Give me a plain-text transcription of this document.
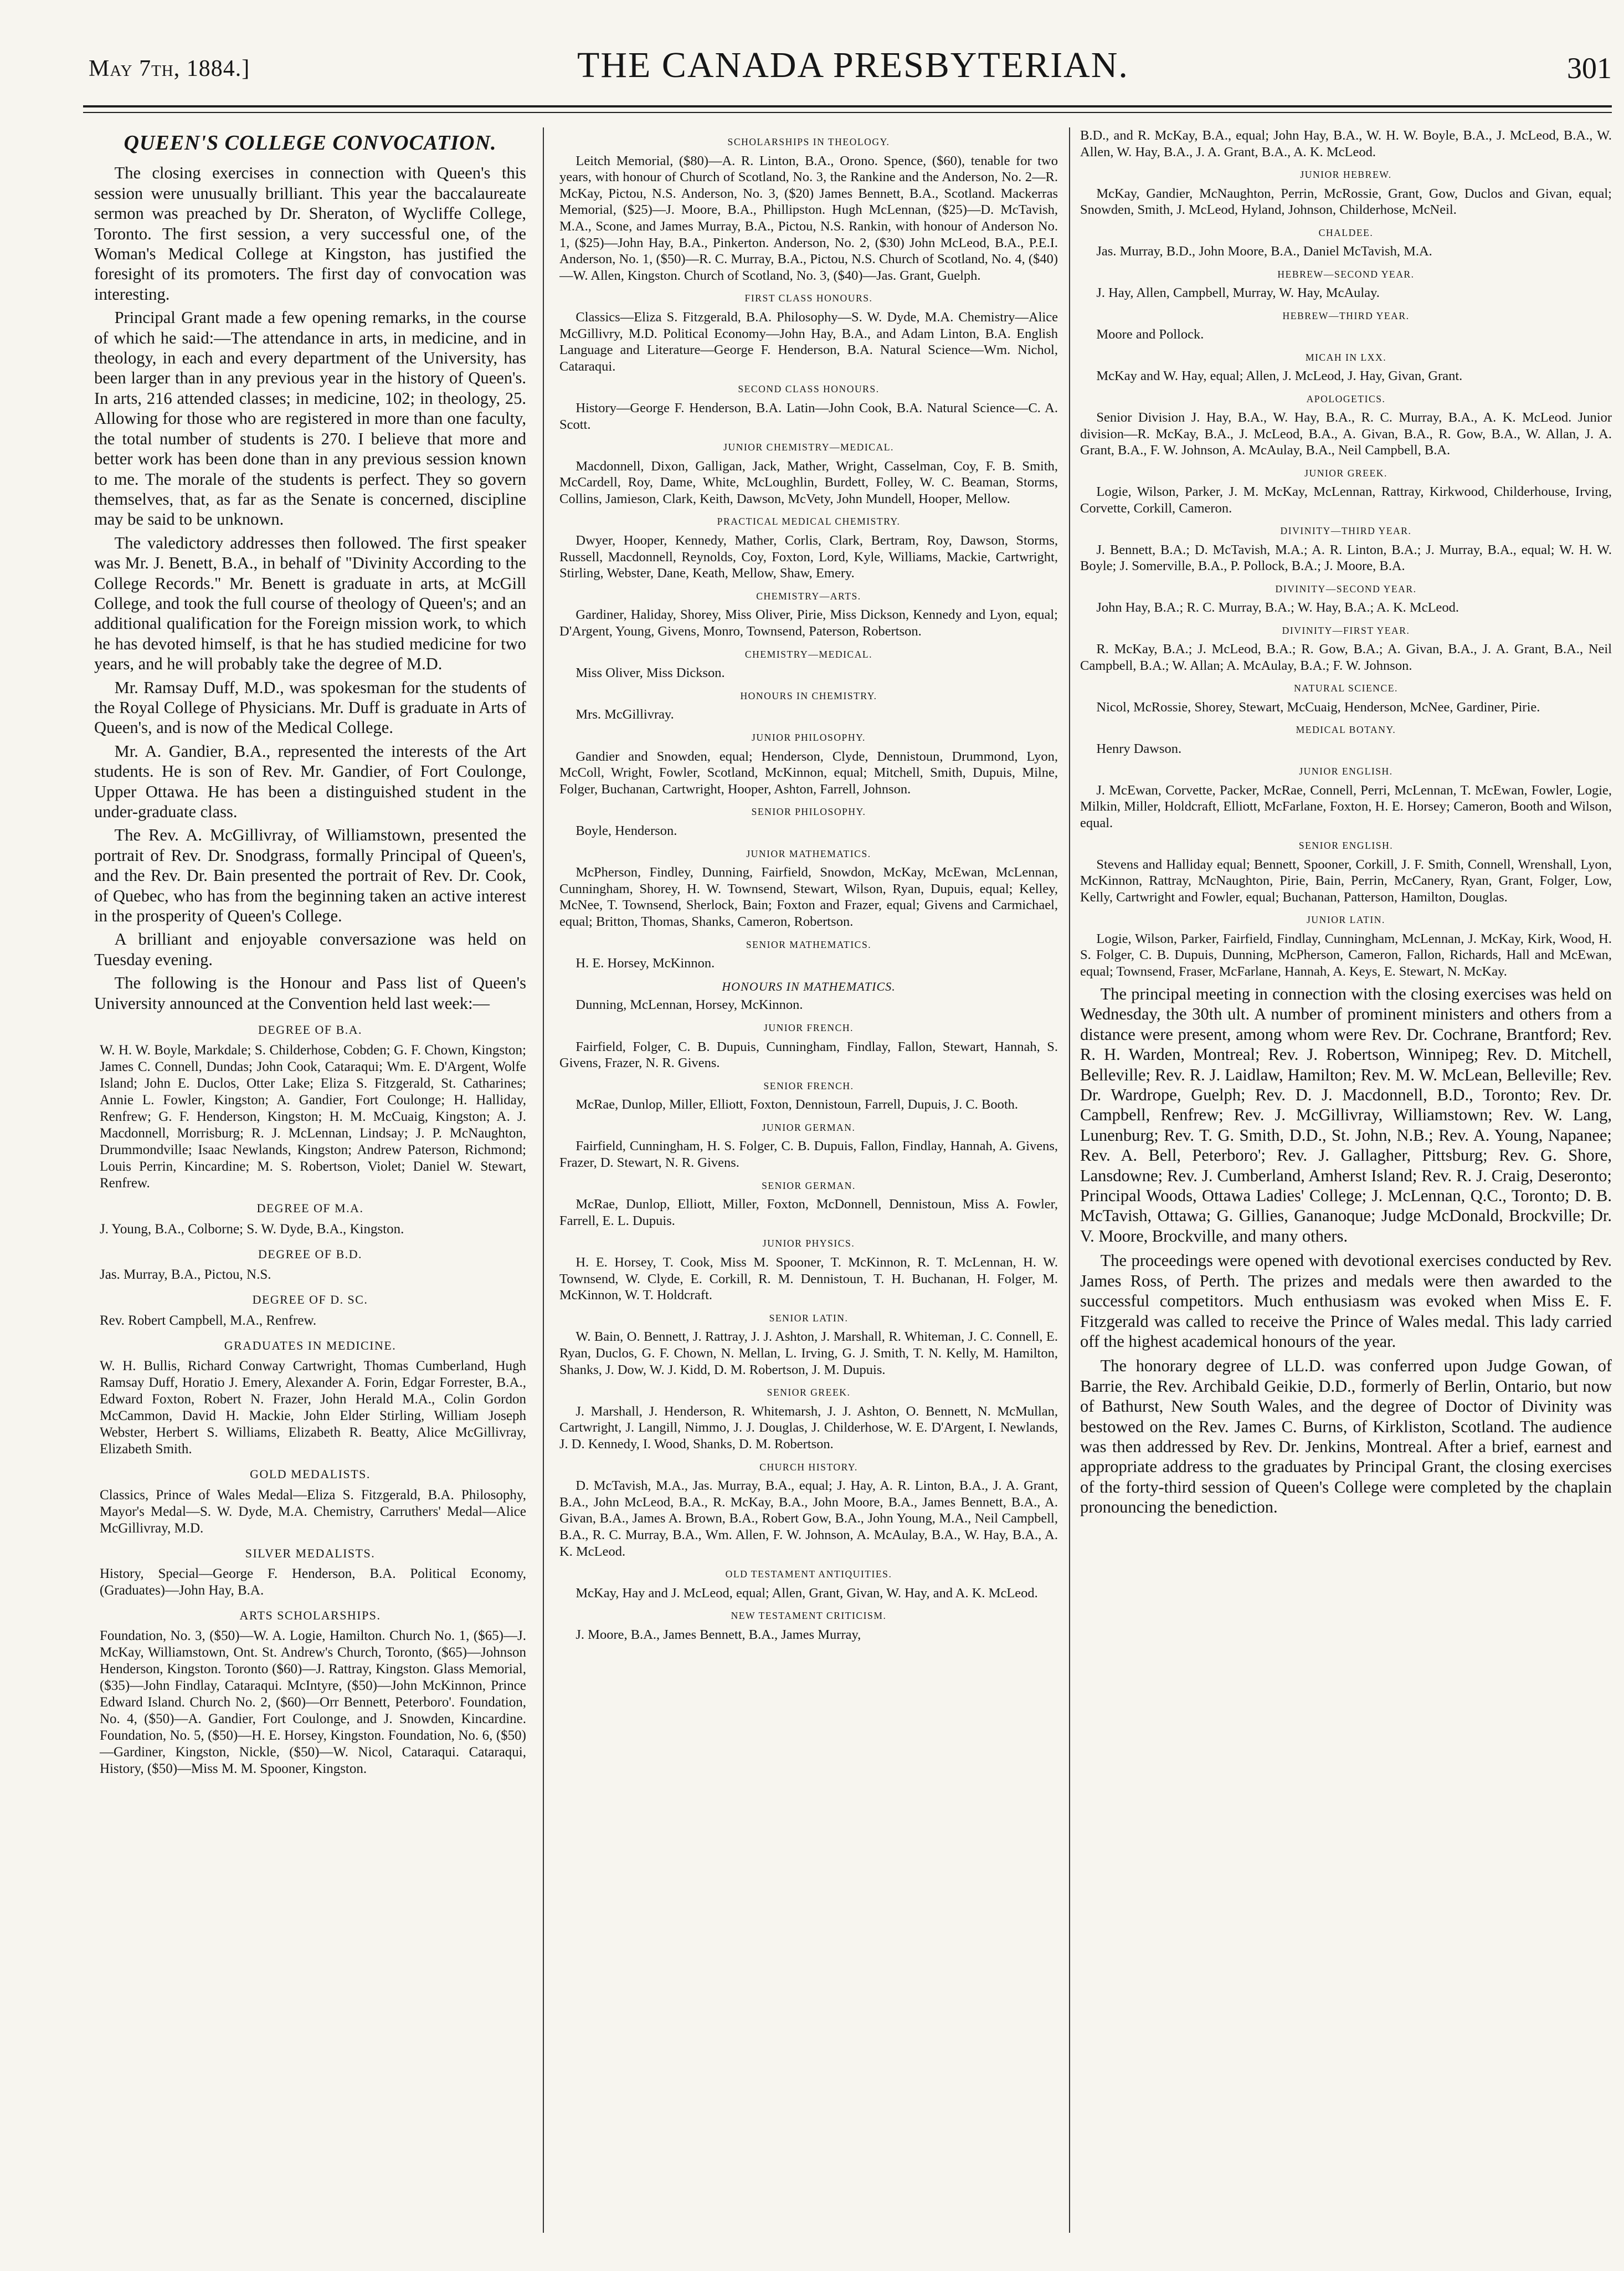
May 7th, 1884.]	THE CANADA PRESBYTERIAN.	301
QUEEN'S COLLEGE CONVOCATION.

The closing exercises in connection with Queen's this session were unusually brilliant. This year the baccalaureate sermon was preached by Dr. Sheraton, of Wycliffe College, Toronto. The first session, a very successful one, of the Woman's Medical College at Kingston, has justified the foresight of its promoters. The first day of convocation was interesting.

Principal Grant made a few opening remarks, in the course of which he said:—The attendance in arts, in medicine, and in theology, in each and every department of the University, has been larger than in any previous year in the history of Queen's. In arts, 216 attended classes; in medicine, 102; in theology, 25. Allowing for those who are registered in more than one faculty, the total number of students is 270. I believe that more and better work has been done than in any previous session known to me. The morale of the students is perfect. They so govern themselves, that, as far as the Senate is concerned, discipline may be said to be unknown.

The valedictory addresses then followed. The first speaker was Mr. J. Benett, B.A., in behalf of "Divinity According to the College Records." Mr. Benett is graduate in arts, at McGill College, and took the full course of theology of Queen's; and an additional qualification for the Foreign mission work, to which he has devoted himself, is that he has studied medicine for two years, and he will probably take the degree of M.D.

Mr. Ramsay Duff, M.D., was spokesman for the students of the Royal College of Physicians. Mr. Duff is graduate in Arts of Queen's, and is now of the Medical College.

Mr. A. Gandier, B.A., represented the interests of the Art students. He is son of Rev. Mr. Gandier, of Fort Coulonge, Upper Ottawa. He has been a distinguished student in the under-graduate class.

The Rev. A. McGillivray, of Williamstown, presented the portrait of Rev. Dr. Snodgrass, formally Principal of Queen's, and the Rev. Dr. Bain presented the portrait of Rev. Dr. Cook, of Quebec, who has from the beginning taken an active interest in the prosperity of Queen's College.

A brilliant and enjoyable conversazione was held on Tuesday evening.

The following is the Honour and Pass list of Queen's University announced at the Convention held last week:—

DEGREE OF B.A.

W. H. W. Boyle, Markdale; S. Childerhose, Cobden; G. F. Chown, Kingston; James C. Connell, Dundas; John Cook, Cataraqui; Wm. E. D'Argent, Wolfe Island; John E. Duclos, Otter Lake; Eliza S. Fitzgerald, St. Catharines; Annie L. Fowler, Kingston; A. Gandier, Fort Coulonge; H. Halliday, Renfrew; G. F. Henderson, Kingston; H. M. McCuaig, Kingston; A. J. Macdonnell, Morrisburg; R. J. McLennan, Lindsay; J. P. McNaughton, Drummondville; Isaac Newlands, Kingston; Andrew Paterson, Richmond; Louis Perrin, Kincardine; M. S. Robertson, Violet; Daniel W. Stewart, Renfrew.

DEGREE OF M.A.

J. Young, B.A., Colborne; S. W. Dyde, B.A., Kingston.

DEGREE OF B.D.

Jas. Murray, B.A., Pictou, N.S.

DEGREE OF D. SC.

Rev. Robert Campbell, M.A., Renfrew.

GRADUATES IN MEDICINE.

W. H. Bullis, Richard Conway Cartwright, Thomas Cumberland, Hugh Ramsay Duff, Horatio J. Emery, Alexander A. Forin, Edgar Forrester, B.A., Edward Foxton, Robert N. Frazer, John Herald M.A., Colin Gordon McCammon, David H. Mackie, John Elder Stirling, William Joseph Webster, Herbert S. Williams, Elizabeth R. Beatty, Alice McGillivray, Elizabeth Smith.

GOLD MEDALISTS.

Classics, Prince of Wales Medal—Eliza S. Fitzgerald, B.A. Philosophy, Mayor's Medal—S. W. Dyde, M.A. Chemistry, Carruthers' Medal—Alice McGillivray, M.D.

SILVER MEDALISTS.

History, Special—George F. Henderson, B.A. Political Economy, (Graduates)—John Hay, B.A.

ARTS SCHOLARSHIPS.

Foundation, No. 3, ($50)—W. A. Logie, Hamilton. Church No. 1, ($65)—J. McKay, Williamstown, Ont. St. Andrew's Church, Toronto, ($65)—Johnson Henderson, Kingston. Toronto ($60)—J. Rattray, Kingston. Glass Memorial, ($35)—John Findlay, Cataraqui. McIntyre, ($50)—John McKinnon, Prince Edward Island. Church No. 2, ($60)—Orr Bennett, Peterboro'. Foundation, No. 4, ($50)—A. Gandier, Fort Coulonge, and J. Snowden, Kincardine. Foundation, No. 5, ($50)—H. E. Horsey, Kingston. Foundation, No. 6, ($50)—Gardiner, Kingston, Nickle, ($50)—W. Nicol, Cataraqui. Cataraqui, History, ($50)—Miss M. M. Spooner, Kingston.

SCHOLARSHIPS IN THEOLOGY.

Leitch Memorial, ($80)—A. R. Linton, B.A., Orono. Spence, ($60), tenable for two years, with honour of Church of Scotland, No. 3, the Rankine and the Anderson, No. 2—R. McKay, Pictou, N.S. Anderson, No. 3, ($20) James Bennett, B.A., Scotland. Mackerras Memorial, ($25)—J. Moore, B.A., Phillipston. Hugh McLennan, ($25)—D. McTavish, M.A., Scone, and James Murray, B.A., Pictou, N.S. Rankin, with honour of Anderson No. 1, ($25)—John Hay, B.A., Pinkerton. Anderson, No. 2, ($30) John McLeod, B.A., P.E.I. Anderson, No. 1, ($50)—R. C. Murray, B.A., Pictou, N.S. Church of Scotland, No. 4, ($40)—W. Allen, Kingston. Church of Scotland, No. 3, ($40)—Jas. Grant, Guelph.

FIRST CLASS HONOURS.

Classics—Eliza S. Fitzgerald, B.A. Philosophy—S. W. Dyde, M.A. Chemistry—Alice McGillivry, M.D. Political Economy—John Hay, B.A., and Adam Linton, B.A. English Language and Literature—George F. Henderson, B.A. Natural Science—Wm. Nichol, Cataraqui.

SECOND CLASS HONOURS.

History—George F. Henderson, B.A. Latin—John Cook, B.A. Natural Science—C. A. Scott.

JUNIOR CHEMISTRY—MEDICAL.

Macdonnell, Dixon, Galligan, Jack, Mather, Wright, Casselman, Coy, F. B. Smith, McCardell, Roy, Dame, White, McLoughlin, Burdett, Folley, W. C. Beaman, Storms, Collins, Jamieson, Clark, Keith, Dawson, McVety, John Mundell, Hooper, Mellow.

PRACTICAL MEDICAL CHEMISTRY.

Dwyer, Hooper, Kennedy, Mather, Corlis, Clark, Bertram, Roy, Dawson, Storms, Russell, Macdonnell, Reynolds, Coy, Foxton, Lord, Kyle, Williams, Mackie, Cartwright, Stirling, Webster, Dane, Keath, Mellow, Shaw, Emery.

CHEMISTRY—ARTS.

Gardiner, Haliday, Shorey, Miss Oliver, Pirie, Miss Dickson, Kennedy and Lyon, equal; D'Argent, Young, Givens, Monro, Townsend, Paterson, Robertson.

CHEMISTRY—MEDICAL.

Miss Oliver, Miss Dickson.

HONOURS IN CHEMISTRY.

Mrs. McGillivray.

JUNIOR PHILOSOPHY.

Gandier and Snowden, equal; Henderson, Clyde, Dennistoun, Drummond, Lyon, McColl, Wright, Fowler, Scotland, McKinnon, equal; Mitchell, Smith, Dupuis, Milne, Folger, Buchanan, Cartwright, Hooper, Ashton, Farrell, Johnson.

SENIOR PHILOSOPHY.

Boyle, Henderson.

JUNIOR MATHEMATICS.

McPherson, Findley, Dunning, Fairfield, Snowdon, McKay, McEwan, McLennan, Cunningham, Shorey, H. W. Townsend, Stewart, Wilson, Ryan, Dupuis, equal; Kelley, McNee, T. Townsend, Sherlock, Bain; Foxton and Frazer, equal; Givens and Carmichael, equal; Britton, Thomas, Shanks, Cameron, Robertson.

SENIOR MATHEMATICS.

H. E. Horsey, McKinnon.

HONOURS IN MATHEMATICS.

Dunning, McLennan, Horsey, McKinnon.

JUNIOR FRENCH.

Fairfield, Folger, C. B. Dupuis, Cunningham, Findlay, Fallon, Stewart, Hannah, S. Givens, Frazer, N. R. Givens.

SENIOR FRENCH.

McRae, Dunlop, Miller, Elliott, Foxton, Dennistoun, Farrell, Dupuis, J. C. Booth.

JUNIOR GERMAN.

Fairfield, Cunningham, H. S. Folger, C. B. Dupuis, Fallon, Findlay, Hannah, A. Givens, Frazer, D. Stewart, N. R. Givens.

SENIOR GERMAN.

McRae, Dunlop, Elliott, Miller, Foxton, McDonnell, Dennistoun, Miss A. Fowler, Farrell, E. L. Dupuis.

JUNIOR PHYSICS.

H. E. Horsey, T. Cook, Miss M. Spooner, T. McKinnon, R. T. McLennan, H. W. Townsend, W. Clyde, E. Corkill, R. M. Dennistoun, T. H. Buchanan, H. Folger, M. McKinnon, W. T. Holdcraft.

SENIOR LATIN.

W. Bain, O. Bennett, J. Rattray, J. J. Ashton, J. Marshall, R. Whiteman, J. C. Connell, E. Ryan, Duclos, G. F. Chown, N. Mellan, L. Irving, G. J. Smith, T. N. Kelly, M. Hamilton, Shanks, J. Dow, W. J. Kidd, D. M. Robertson, J. M. Dupuis.

SENIOR GREEK.

J. Marshall, J. Henderson, R. Whitemarsh, J. J. Ashton, O. Bennett, N. McMullan, Cartwright, J. Langill, Nimmo, J. J. Douglas, J. Childerhose, W. E. D'Argent, I. Newlands, J. D. Kennedy, I. Wood, Shanks, D. M. Robertson.

CHURCH HISTORY.

D. McTavish, M.A., Jas. Murray, B.A., equal; J. Hay, A. R. Linton, B.A., J. A. Grant, B.A., John McLeod, B.A., R. McKay, B.A., John Moore, B.A., James Bennett, B.A., A. Givan, B.A., James A. Brown, B.A., Robert Gow, B.A., John Young, M.A., Neil Campbell, B.A., R. C. Murray, B.A., Wm. Allen, F. W. Johnson, A. McAulay, B.A., W. Hay, B.A., A. K. McLeod.

OLD TESTAMENT ANTIQUITIES.

McKay, Hay and J. McLeod, equal; Allen, Grant, Givan, W. Hay, and A. K. McLeod.

NEW TESTAMENT CRITICISM.

J. Moore, B.A., James Bennett, B.A., James Murray,

B.D., and R. McKay, B.A., equal; John Hay, B.A., W. H. W. Boyle, B.A., J. McLeod, B.A., W. Allen, W. Hay, B.A., J. A. Grant, B.A., A. K. McLeod.

JUNIOR HEBREW.

McKay, Gandier, McNaughton, Perrin, McRossie, Grant, Gow, Duclos and Givan, equal; Snowden, Smith, J. McLeod, Hyland, Johnson, Childerhose, McNeil.

CHALDEE.

Jas. Murray, B.D., John Moore, B.A., Daniel McTavish, M.A.

HEBREW—SECOND YEAR.

J. Hay, Allen, Campbell, Murray, W. Hay, McAulay.

HEBREW—THIRD YEAR.

Moore and Pollock.

MICAH IN LXX.

McKay and W. Hay, equal; Allen, J. McLeod, J. Hay, Givan, Grant.

APOLOGETICS.

Senior Division J. Hay, B.A., W. Hay, B.A., R. C. Murray, B.A., A. K. McLeod. Junior division—R. McKay, B.A., J. McLeod, B.A., A. Givan, B.A., R. Gow, B.A., W. Allan, J. A. Grant, B.A., F. W. Johnson, A. McAulay, B.A., Neil Campbell, B.A.

JUNIOR GREEK.

Logie, Wilson, Parker, J. M. McKay, McLennan, Rattray, Kirkwood, Childerhouse, Irving, Corvette, Corkill, Cameron.

DIVINITY—THIRD YEAR.

J. Bennett, B.A.; D. McTavish, M.A.; A. R. Linton, B.A.; J. Murray, B.A., equal; W. H. W. Boyle; J. Somerville, B.A., P. Pollock, B.A.; J. Moore, B.A.

DIVINITY—SECOND YEAR.

John Hay, B.A.; R. C. Murray, B.A.; W. Hay, B.A.; A. K. McLeod.

DIVINITY—FIRST YEAR.

R. McKay, B.A.; J. McLeod, B.A.; R. Gow, B.A.; A. Givan, B.A., J. A. Grant, B.A., Neil Campbell, B.A.; W. Allan; A. McAulay, B.A.; F. W. Johnson.

NATURAL SCIENCE.

Nicol, McRossie, Shorey, Stewart, McCuaig, Henderson, McNee, Gardiner, Pirie.

MEDICAL BOTANY.

Henry Dawson.

JUNIOR ENGLISH.

J. McEwan, Corvette, Packer, McRae, Connell, Perri, McLennan, T. McEwan, Fowler, Logie, Milkin, Miller, Holdcraft, Elliott, McFarlane, Foxton, H. E. Horsey; Cameron, Booth and Wilson, equal.

SENIOR ENGLISH.

Stevens and Halliday equal; Bennett, Spooner, Corkill, J. F. Smith, Connell, Wrenshall, Lyon, McKinnon, Rattray, McNaughton, Pirie, Bain, Perrin, McCanery, Ryan, Grant, Folger, Low, Kelly, Cartwright and Fowler, equal; Buchanan, Patterson, Hamilton, Douglas.

JUNIOR LATIN.

Logie, Wilson, Parker, Fairfield, Findlay, Cunningham, McLennan, J. McKay, Kirk, Wood, H. S. Folger, C. B. Dupuis, Dunning, McPherson, Cameron, Fallon, Richards, Hall and McEwan, equal; Townsend, Fraser, McFarlane, Hannah, A. Keys, E. Stewart, N. McKay.

The principal meeting in connection with the closing exercises was held on Wednesday, the 30th ult. A number of prominent ministers and others from a distance were present, among whom were Rev. Dr. Cochrane, Brantford; Rev. R. H. Warden, Montreal; Rev. J. Robertson, Winnipeg; Rev. D. Mitchell, Belleville; Rev. R. J. Laidlaw, Hamilton; Rev. M. W. McLean, Belleville; Rev. Dr. Wardrope, Guelph; Rev. D. J. Macdonnell, B.D., Toronto; Rev. Dr. Campbell, Renfrew; Rev. J. McGillivray, Williamstown; Rev. W. Lang, Lunenburg; Rev. T. G. Smith, D.D., St. John, N.B.; Rev. A. Young, Napanee; Rev. A. Bell, Peterboro'; Rev. J. Gallagher, Pittsburg; Rev. G. Shore, Lansdowne; Rev. J. Cumberland, Amherst Island; Rev. R. J. Craig, Deseronto; Principal Woods, Ottawa Ladies' College; J. McLennan, Q.C., Toronto; D. B. McTavish, Ottawa; G. Gillies, Gananoque; Judge McDonald, Brockville; Dr. V. Moore, Brockville, and many others.

The proceedings were opened with devotional exercises conducted by Rev. James Ross, of Perth. The prizes and medals were then awarded to the successful competitors. Much enthusiasm was evoked when Miss E. F. Fitzgerald was called to receive the Prince of Wales medal. This lady carried off the highest academical honours of the year.

The honorary degree of LL.D. was conferred upon Judge Gowan, of Barrie, the Rev. Archibald Geikie, D.D., formerly of Berlin, Ontario, but now of Bathurst, New South Wales, and the degree of Doctor of Divinity was bestowed on the Rev. James C. Burns, of Kirkliston, Scotland. The audience was then addressed by Rev. Dr. Jenkins, Montreal. After a brief, earnest and appropriate address to the graduates by Principal Grant, the closing exercises of the forty-third session of Queen's College were completed by the chaplain pronouncing the benediction.
